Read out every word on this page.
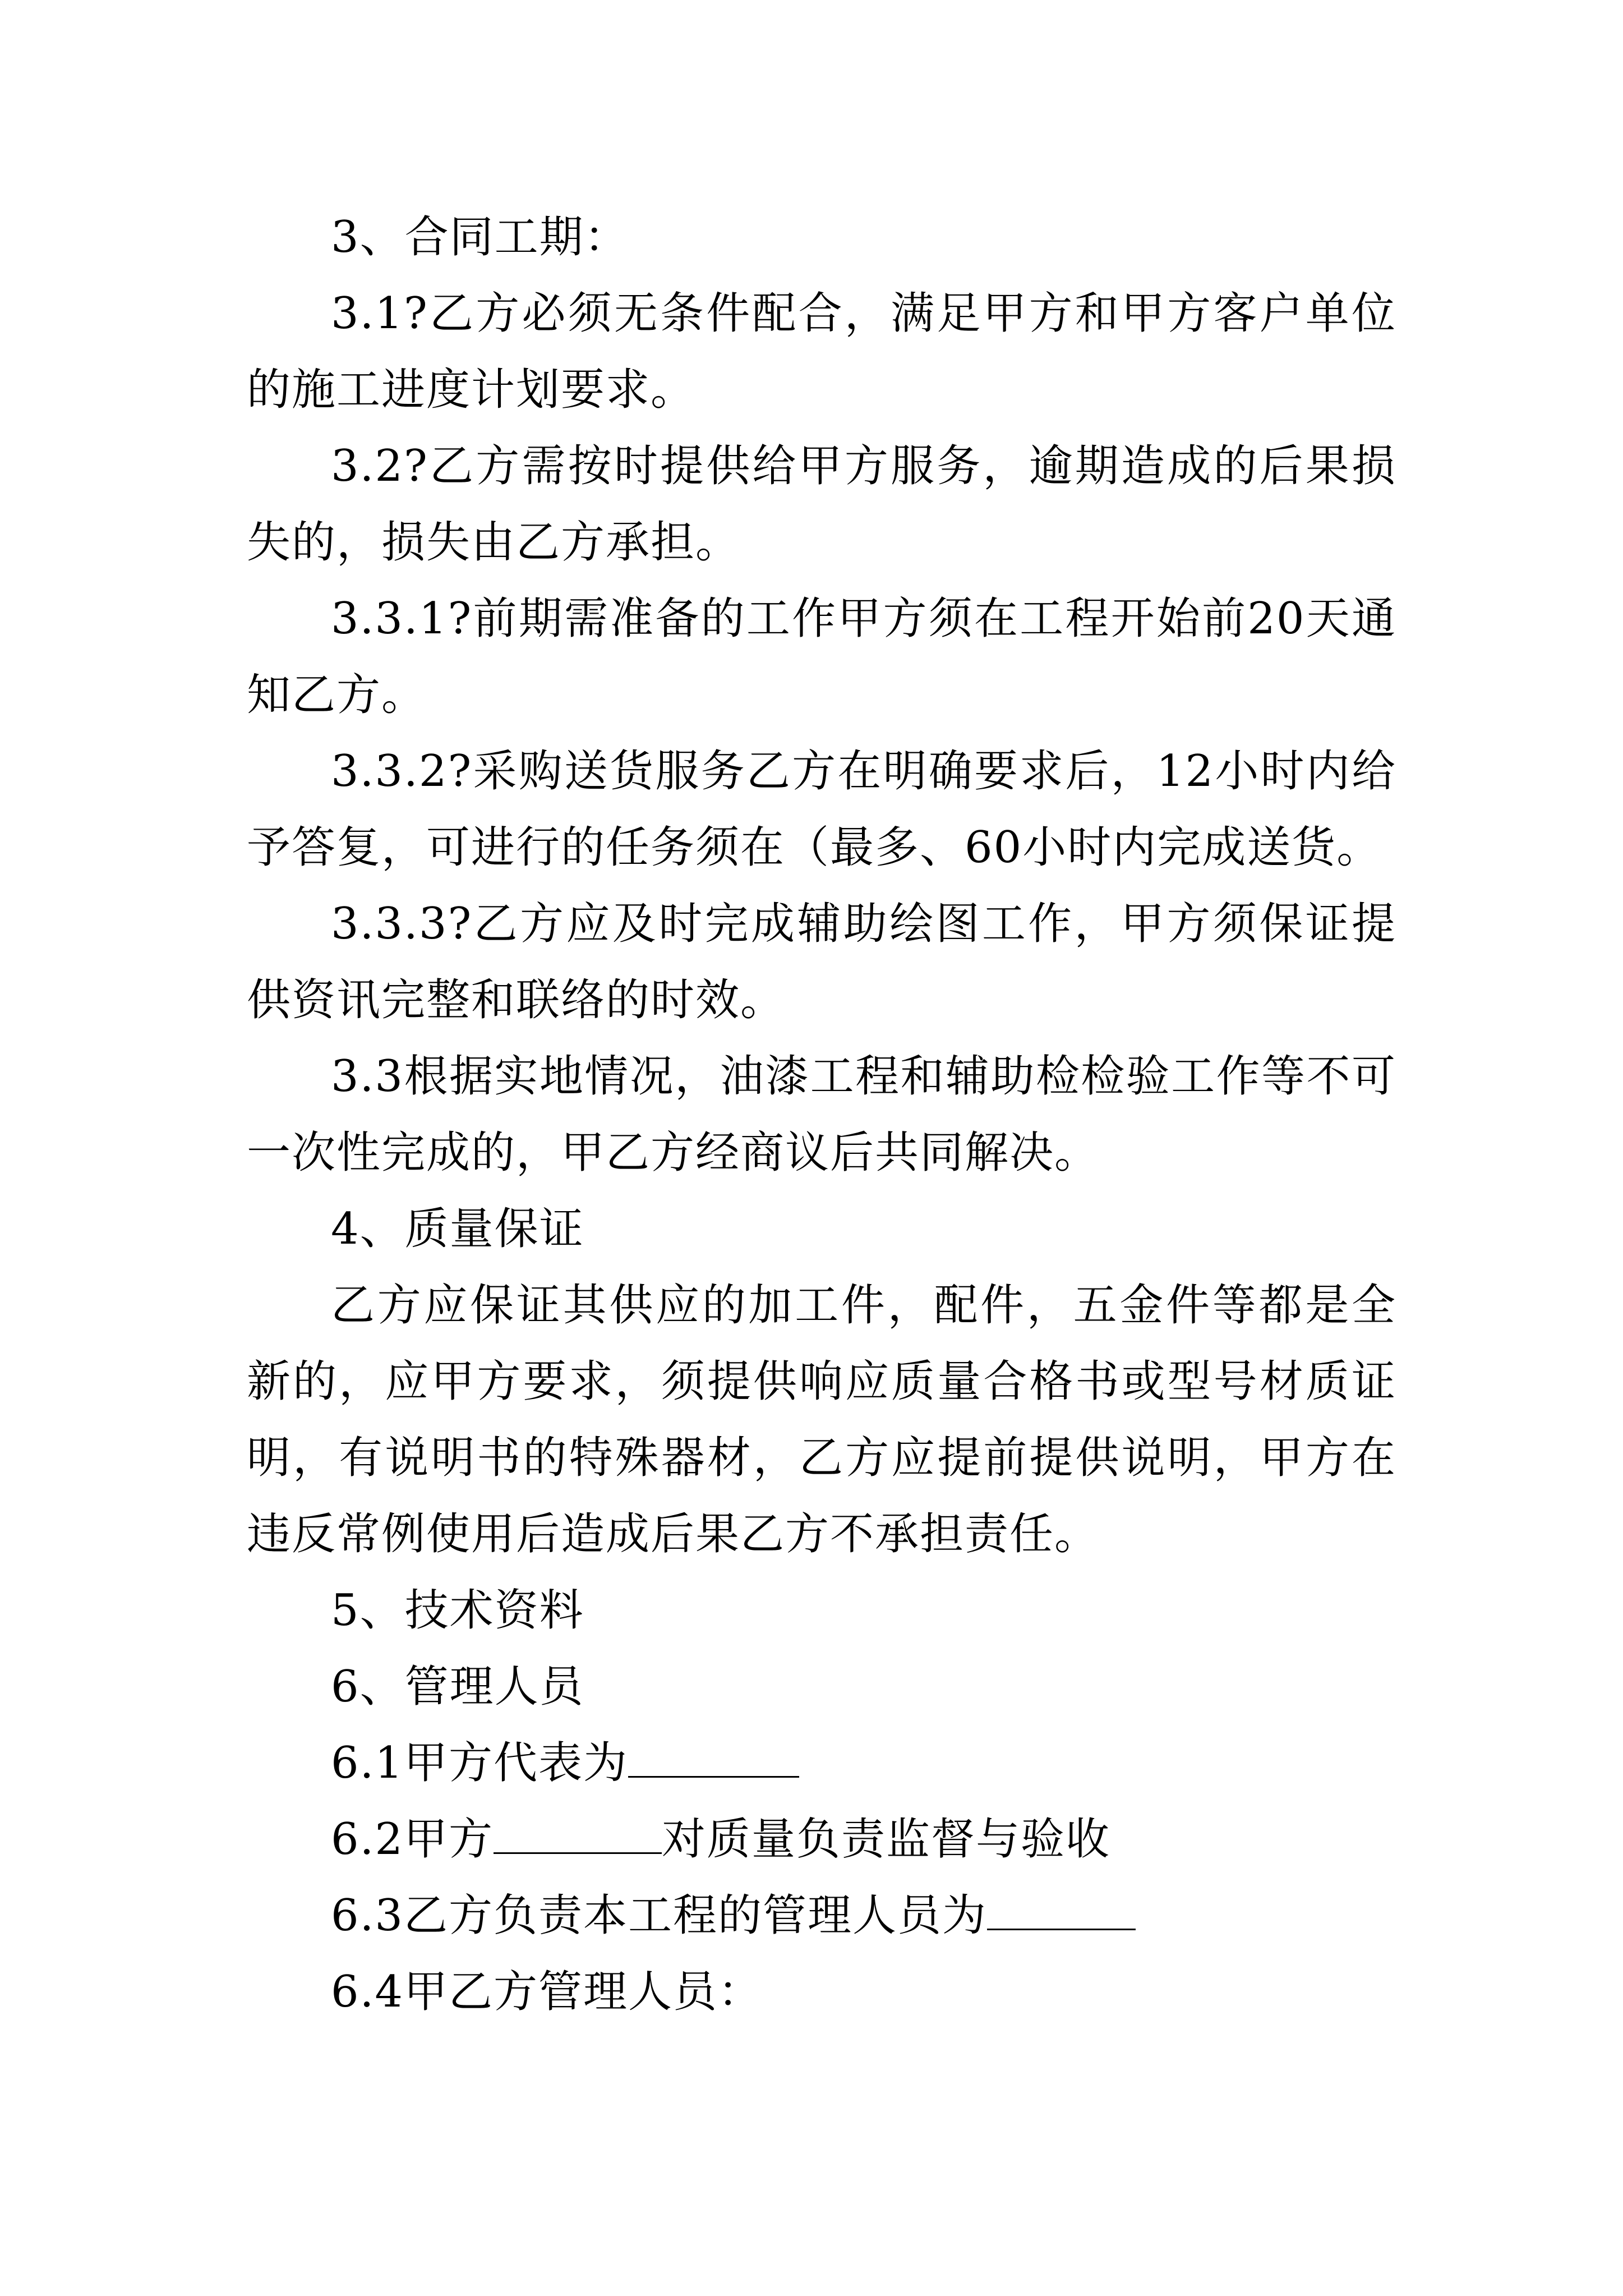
3、合同工期：

3.1?乙方必须无条件配合，满足甲方和甲方客户单位的施工进度计划要求。

3.2?乙方需按时提供给甲方服务，逾期造成的后果损失的，损失由乙方承担。

3.3.1?前期需准备的工作甲方须在工程开始前20天通知乙方。

3.3.2?采购送货服务乙方在明确要求后，12小时内给予答复，可进行的任务须在（最多、60小时内完成送货。

3.3.3?乙方应及时完成辅助绘图工作，甲方须保证提供资讯完整和联络的时效。

3.3根据实地情况，油漆工程和辅助检检验工作等不可一次性完成的，甲乙方经商议后共同解决。

4、质量保证

乙方应保证其供应的加工件，配件，五金件等都是全新的，应甲方要求，须提供响应质量合格书或型号材质证明，有说明书的特殊器材，乙方应提前提供说明，甲方在违反常例使用后造成后果乙方不承担责任。

5、技术资料

6、管理人员

6.1甲方代表为

6.2甲方	对质量负责监督与验收

6.3乙方负责本工程的管理人员为

6.4甲乙方管理人员：
